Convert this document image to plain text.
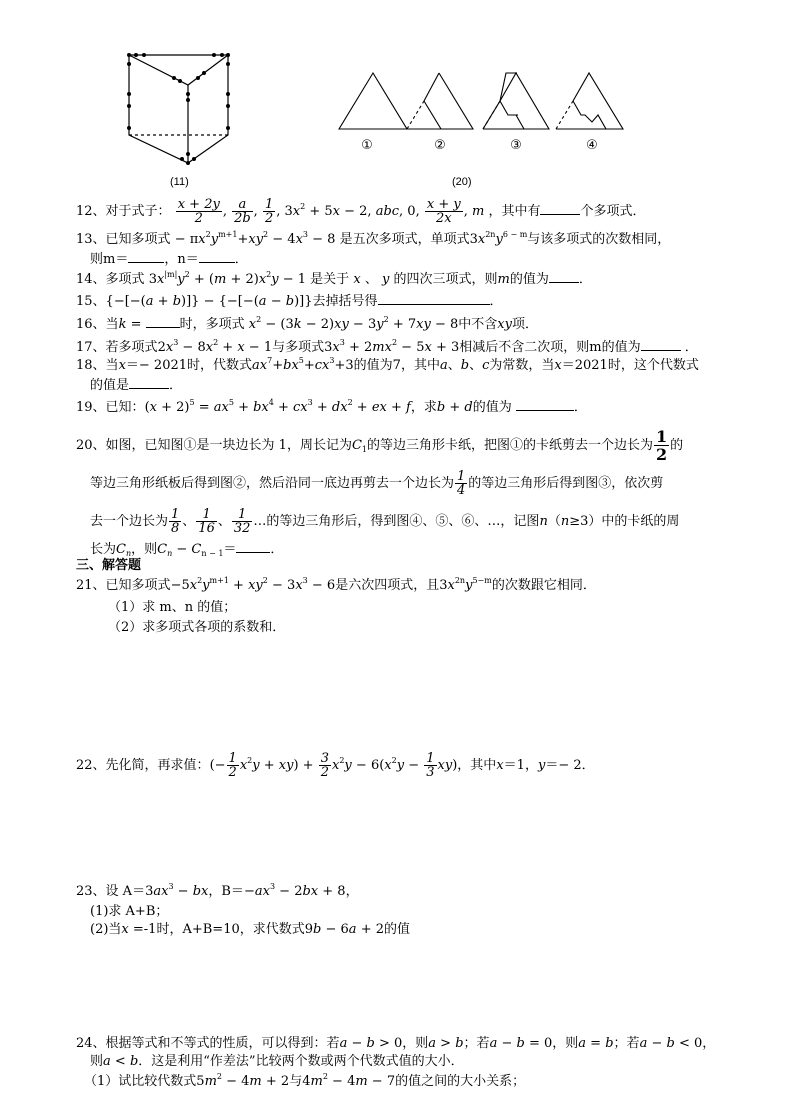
(11)
①	②	③	④
(20)
12、对于式子： $\frac{x + 2y}{2}$ , $\frac{a}{2b}$ , $\frac{1}{2}$ , $3x^2 + 5x - 2$, abc, 0, $\frac{x + y}{2x}$ , m ，其中有	个多项式．
13、已知多项式 − $\pi x^2y^{m+1}+xy^2 - 4x^3 - 8$ 是五次多项式，单项式$3x^{2n}y^{6 - m}$与该多项式的次数相同，
则m＝	，n＝	．
14、多项式 $3x^{|m|}y^2 + (m + 2)x^2y - 1$ 是关于 x 、 y 的四次三项式，则m的值为 ．
15、{−[−(a + b)]} − {−[−(a − b)]}去掉括号得	．
16、当k =	时，多项式 $x^2 - (3k - 2)xy - 3y^2 + 7xy - 8$中不含xy项．
17、若多项式$2x^3 - 8x^2 + x - 1$与多项式$3x^3 + 2mx^2 - 5x + 3$相减后不含二次项，则m的值为	．
18、当x＝− 2021时，代数式$ax^7+bx^5+cx^3+3$的值为7，其中a、b、c为常数，当x＝2021时，这个代数式
的值是	．
19、已知：$(x + 2)^5 = ax^5 + bx^4 + cx^3 + dx^2$ + ex + f，求b + d的值为	．
20、如图，已知图①是一块边长为 1，周长记为$C_1$的等边三角形卡纸，把图①的卡纸剪去一个边长为 $\frac{1}{2}$ 的
等边三角形纸板后得到图②，然后沿同一底边再剪去一个边长为 $\frac{1}{4}$ 的等边三角形后得到图③，依次剪
去一个边长为 $\frac{1}{8}$ 、 $\frac{1}{16}$ 、 $\frac{1}{32}$ …的等边三角形后，得到图④、⑤、⑥、…，记图n（n≥3）中的卡纸的周
长为$C_n$，则$C_n - C_{n - 1}=$	．
三、解答题
21、已知多项式$-5x^2y^{m+1} + xy^2 - 3x^3 - 6$是六次四项式，且$3x^{2n}y^{5-m}$的次数跟它相同．
（1）求 m、n 的值；
（2）求多项式各项的系数和．
22、先化简，再求值：(− $\frac{1}{2} x^2y + xy) + \frac{3}{2} x^2y - 6(x^2y - \frac{1}{3} xy)$，其中x＝1，y＝− 2．
23、设 $A=3ax^3$ − bx，$B=-ax^3 - 2bx + 8$，
(1)求 A+B；
(2)当x =-1时，A+B=10，求代数式9b − 6a + 2的值
24、根据等式和不等式的性质，可以得到：若a − b > 0，则a > b；若a − b = 0，则a = b；若a − b < 0，
则a < b．这是利用“作差法”比较两个数或两个代数式值的大小．
（1）试比较代数式$5m^2 - 4m + 2$与$4m^2 - 4m - 7$的值之间的大小关系；
